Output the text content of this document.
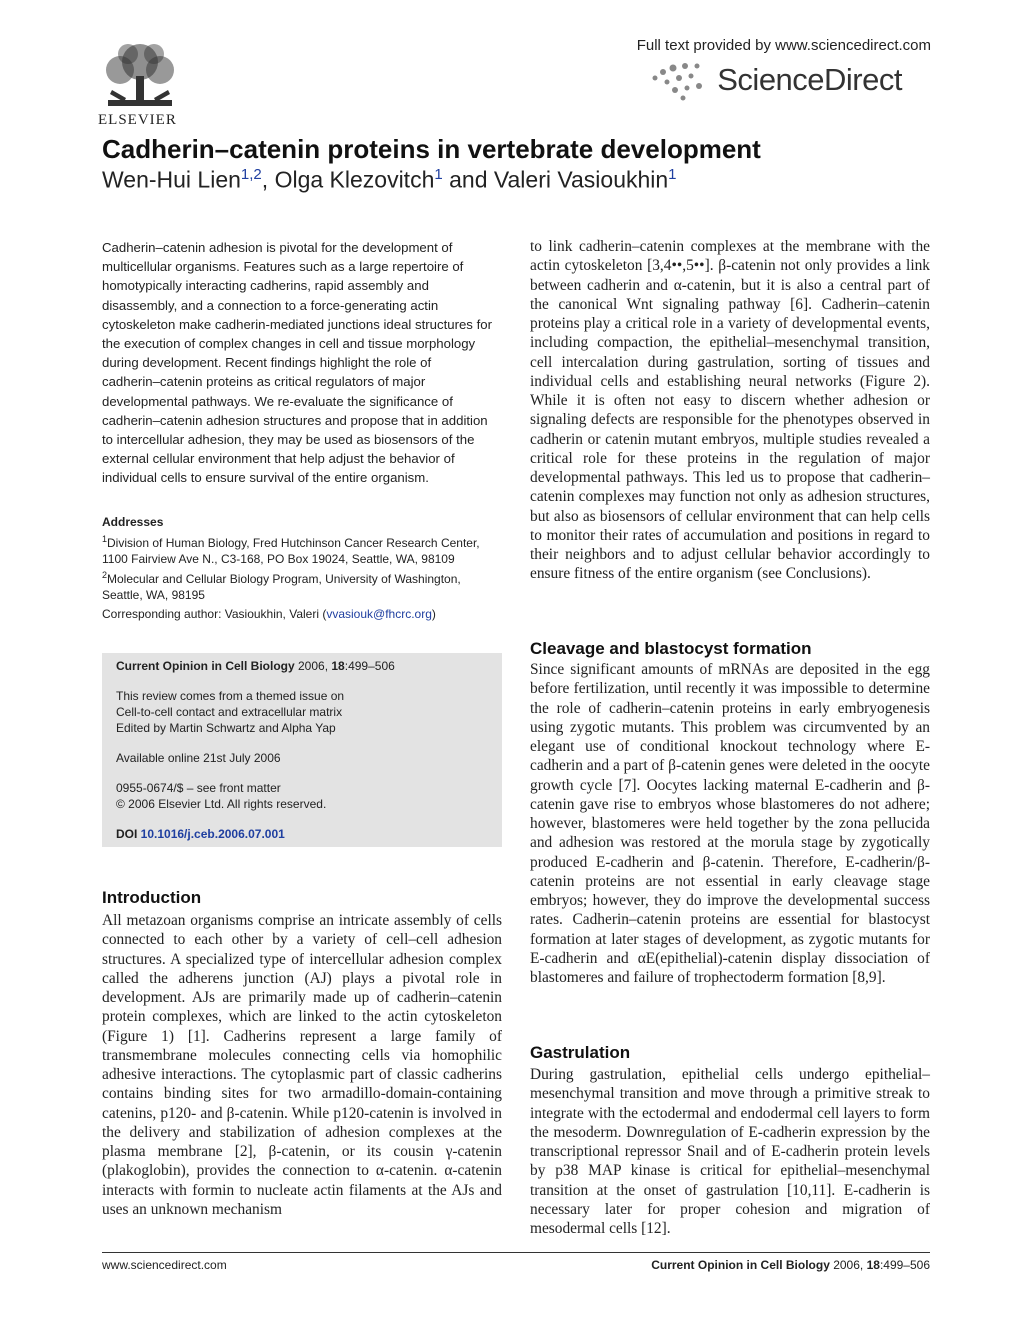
ELSEVIER
Full text provided by www.sciencedirect.com
ScienceDirect
Cadherin–catenin proteins in vertebrate development

Wen-Hui Lien$^{1,2}$, Olga Klezovitch$^1$ and Valeri Vasioukhin$^1$

Cadherin–catenin adhesion is pivotal for the development of multicellular organisms. Features such as a large repertoire of homotypically interacting cadherins, rapid assembly and disassembly, and a connection to a force-generating actin cytoskeleton make cadherin-mediated junctions ideal structures for the execution of complex changes in cell and tissue morphology during development. Recent findings highlight the role of cadherin–catenin proteins as critical regulators of major developmental pathways. We re-evaluate the significance of cadherin–catenin adhesion structures and propose that in addition to intercellular adhesion, they may be used as biosensors of the external cellular environment that help adjust the behavior of individual cells to ensure survival of the entire organism.

Addresses
$^1$Division of Human Biology, Fred Hutchinson Cancer Research Center, 1100 Fairview Ave N., C3-168, PO Box 19024, Seattle, WA, 98109
$^2$Molecular and Cellular Biology Program, University of Washington, Seattle, WA, 98195
Corresponding author: Vasioukhin, Valeri (vvasiouk@fhcrc.org)

Current Opinion in Cell Biology 2006, 18:499–506

This review comes from a themed issue on

Cell-to-cell contact and extracellular matrix

Edited by Martin Schwartz and Alpha Yap

Available online 21st July 2006

0955-0674/$ – see front matter

© 2006 Elsevier Ltd. All rights reserved.

DOI 10.1016/j.ceb.2006.07.001

Introduction

All metazoan organisms comprise an intricate assembly of cells connected to each other by a variety of cell–cell adhesion structures. A specialized type of intercellular adhesion complex called the adherens junction (AJ) plays a pivotal role in development. AJs are primarily made up of cadherin–catenin protein complexes, which are linked to the actin cytoskeleton (Figure 1) [1]. Cadherins represent a large family of transmembrane molecules connecting cells via homophilic adhesive interactions. The cytoplasmic part of classic cadherins contains binding sites for two armadillo-domain-containing catenins, p120- and β-catenin. While p120-catenin is involved in the delivery and stabilization of adhesion complexes at the plasma membrane [2], β-catenin, or its cousin γ-catenin (plakoglobin), provides the connection to α-catenin. α-catenin interacts with formin to nucleate actin filaments at the AJs and uses an unknown mechanism

to link cadherin–catenin complexes at the membrane with the actin cytoskeleton [3,4••,5••]. β-catenin not only provides a link between cadherin and α-catenin, but it is also a central part of the canonical Wnt signaling pathway [6]. Cadherin–catenin proteins play a critical role in a variety of developmental events, including compaction, the epithelial–mesenchymal transition, cell intercalation during gastrulation, sorting of tissues and individual cells and establishing neural networks (Figure 2). While it is often not easy to discern whether adhesion or signaling defects are responsible for the phenotypes observed in cadherin or catenin mutant embryos, multiple studies revealed a critical role for these proteins in the regulation of major developmental pathways. This led us to propose that cadherin–catenin complexes may function not only as adhesion structures, but also as biosensors of cellular environment that can help cells to monitor their rates of accumulation and positions in regard to their neighbors and to adjust cellular behavior accordingly to ensure fitness of the entire organism (see Conclusions).

Cleavage and blastocyst formation

Since significant amounts of mRNAs are deposited in the egg before fertilization, until recently it was impossible to determine the role of cadherin–catenin proteins in early embryogenesis using zygotic mutants. This problem was circumvented by an elegant use of conditional knockout technology where E-cadherin and a part of β-catenin genes were deleted in the oocyte growth cycle [7]. Oocytes lacking maternal E-cadherin and β-catenin gave rise to embryos whose blastomeres do not adhere; however, blastomeres were held together by the zona pellucida and adhesion was restored at the morula stage by zygotically produced E-cadherin and β-catenin. Therefore, E-cadherin/β-catenin proteins are not essential in early cleavage stage embryos; however, they do improve the developmental success rates. Cadherin–catenin proteins are essential for blastocyst formation at later stages of development, as zygotic mutants for E-cadherin and αE(epithelial)-catenin display dissociation of blastomeres and failure of trophectoderm formation [8,9].

Gastrulation

During gastrulation, epithelial cells undergo epithelial–mesenchymal transition and move through a primitive streak to integrate with the ectodermal and endodermal cell layers to form the mesoderm. Downregulation of E-cadherin expression by the transcriptional repressor Snail and of E-cadherin protein levels by p38 MAP kinase is critical for epithelial–mesenchymal transition at the onset of gastrulation [10,11]. E-cadherin is necessary later for proper cohesion and migration of mesodermal cells [12].

www.sciencedirect.com	Current Opinion in Cell Biology 2006, 18:499–506
